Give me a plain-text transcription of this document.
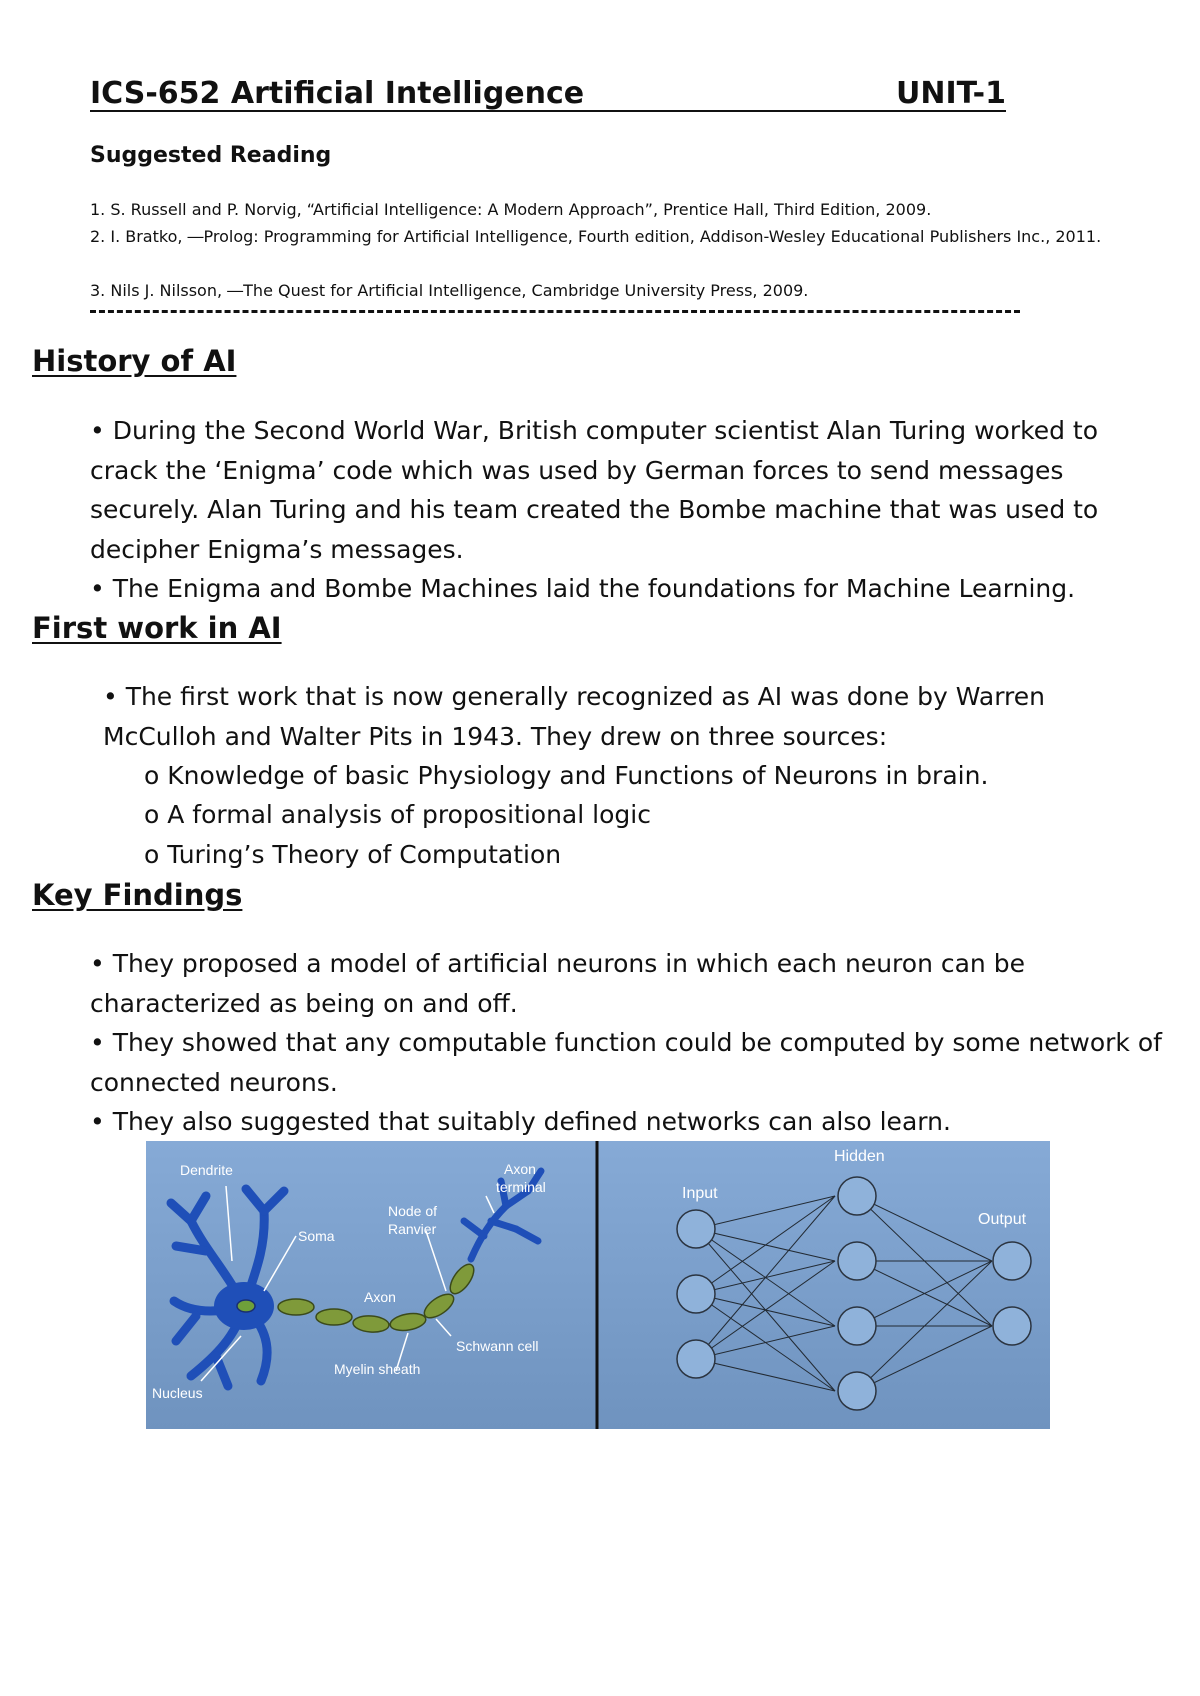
ICS-652 Artificial Intelligence	UNIT-1
Suggested Reading
1. S. Russell and P. Norvig, “Artificial Intelligence: A Modern Approach”, Prentice Hall, Third Edition, 2009.
2. I. Bratko, ―Prolog: Programming for Artificial Intelligence, Fourth edition, Addison-Wesley Educational Publishers Inc., 2011.
3. Nils J. Nilsson, ―The Quest for Artificial Intelligence, Cambridge University Press, 2009.
History of AI
• During the Second World War, British computer scientist Alan Turing worked to crack the ‘Enigma’ code which was used by German forces to send messages securely. Alan Turing and his team created the Bombe machine that was used to decipher Enigma’s messages.
• The Enigma and Bombe Machines laid the foundations for Machine Learning.
First work in AI
• The first work that is now generally recognized as AI was done by Warren McCulloh and Walter Pits in 1943. They drew on three sources:
o Knowledge of basic Physiology and Functions of Neurons in brain.
o A formal analysis of propositional logic
o Turing’s Theory of Computation
Key Findings
• They proposed a model of artificial neurons in which each neuron can be characterized as being on and off.
• They showed that any computable function could be computed by some network of connected neurons.
• They also suggested that suitably defined networks can also learn.
Dendrite
Soma
Nucleus
Axon
Myelin sheath
Schwann cell
Node of
Ranvier
Axon
terminal	Input
Hidden
Output
